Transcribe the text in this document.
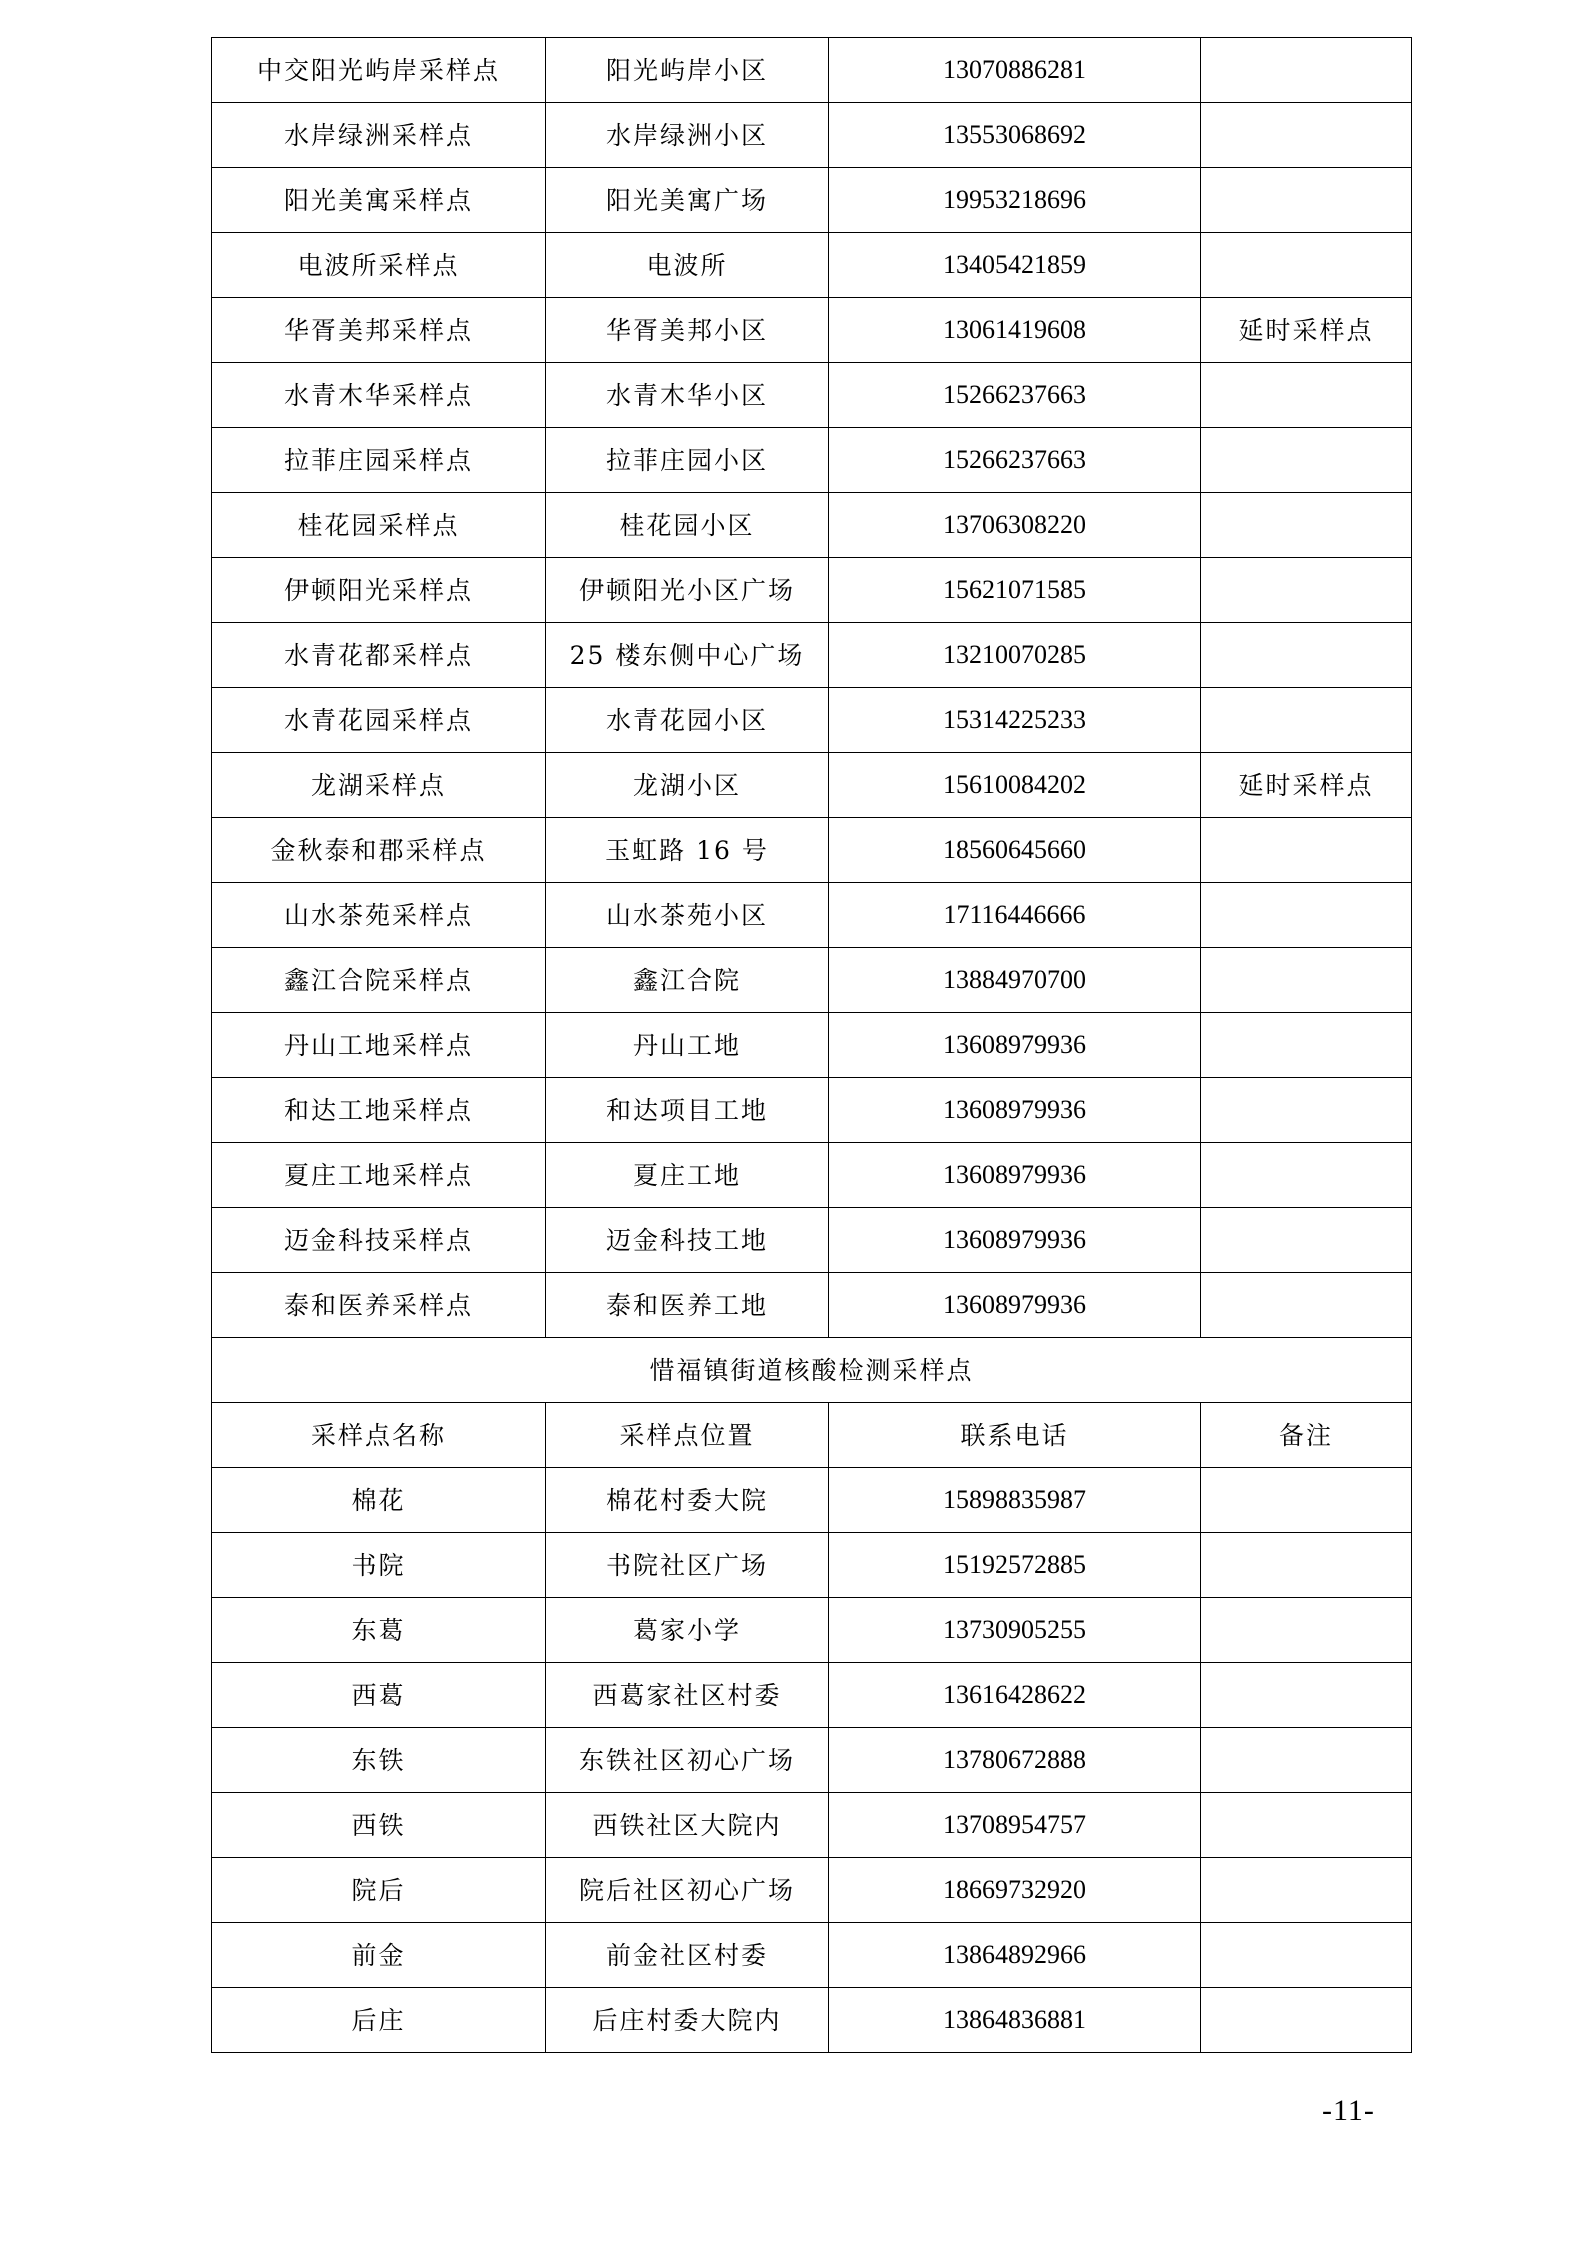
中交阳光屿岸采样点	阳光屿岸小区	13070886281	
水岸绿洲采样点	水岸绿洲小区	13553068692	
阳光美寓采样点	阳光美寓广场	19953218696	
电波所采样点	电波所	13405421859	
华胥美邦采样点	华胥美邦小区	13061419608	延时采样点
水青木华采样点	水青木华小区	15266237663	
拉菲庄园采样点	拉菲庄园小区	15266237663	
桂花园采样点	桂花园小区	13706308220	
伊顿阳光采样点	伊顿阳光小区广场	15621071585	
水青花都采样点	25 楼东侧中心广场	13210070285	
水青花园采样点	水青花园小区	15314225233	
龙湖采样点	龙湖小区	15610084202	延时采样点
金秋泰和郡采样点	玉虹路 16 号	18560645660	
山水茶苑采样点	山水茶苑小区	17116446666	
鑫江合院采样点	鑫江合院	13884970700	
丹山工地采样点	丹山工地	13608979936	
和达工地采样点	和达项目工地	13608979936	
夏庄工地采样点	夏庄工地	13608979936	
迈金科技采样点	迈金科技工地	13608979936	
泰和医养采样点	泰和医养工地	13608979936	
惜福镇街道核酸检测采样点			
采样点名称	采样点位置	联系电话	备注
棉花	棉花村委大院	15898835987	
书院	书院社区广场	15192572885	
东葛	葛家小学	13730905255	
西葛	西葛家社区村委	13616428622	
东铁	东铁社区初心广场	13780672888	
西铁	西铁社区大院内	13708954757	
院后	院后社区初心广场	18669732920	
前金	前金社区村委	13864892966	
后庄	后庄村委大院内	13864836881	
-11-
